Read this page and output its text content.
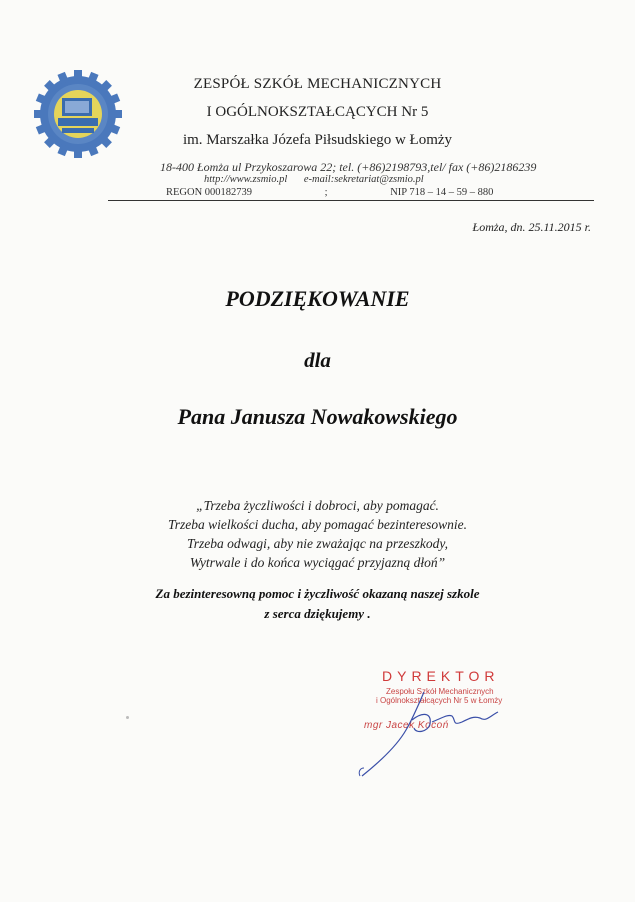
ZESPÓŁ SZKÓŁ MECHANICZNYCH
I OGÓLNOKSZTAŁCĄCYCH Nr 5
im. Marszałka Józefa Piłsudskiego w Łomży
18-400 Łomża ul Przykoszarowa 22; tel. (+86)2198793,tel/ fax (+86)2186239
http://www.zsmio.pl e-mail:sekretariat@zsmio.pl
REGON 000182739	;	NIP 718 – 14 – 59 – 880
Łomża, dn. 25.11.2015 r.
PODZIĘKOWANIE
dla
Pana Janusza Nowakowskiego
„Trzeba życzliwości i dobroci, aby pomagać.
Trzeba wielkości ducha, aby pomagać bezinteresownie.
Trzeba odwagi, aby nie zważając na przeszkody,
Wytrwale i do końca wyciągać przyjazną dłoń”
Za bezinteresowną pomoc i życzliwość okazaną naszej szkole
z serca dziękujemy .
DYREKTOR
Zespołu Szkół Mechanicznych
i Ogólnokształcących Nr 5 w Łomży
mgr Jacek Kocoń
